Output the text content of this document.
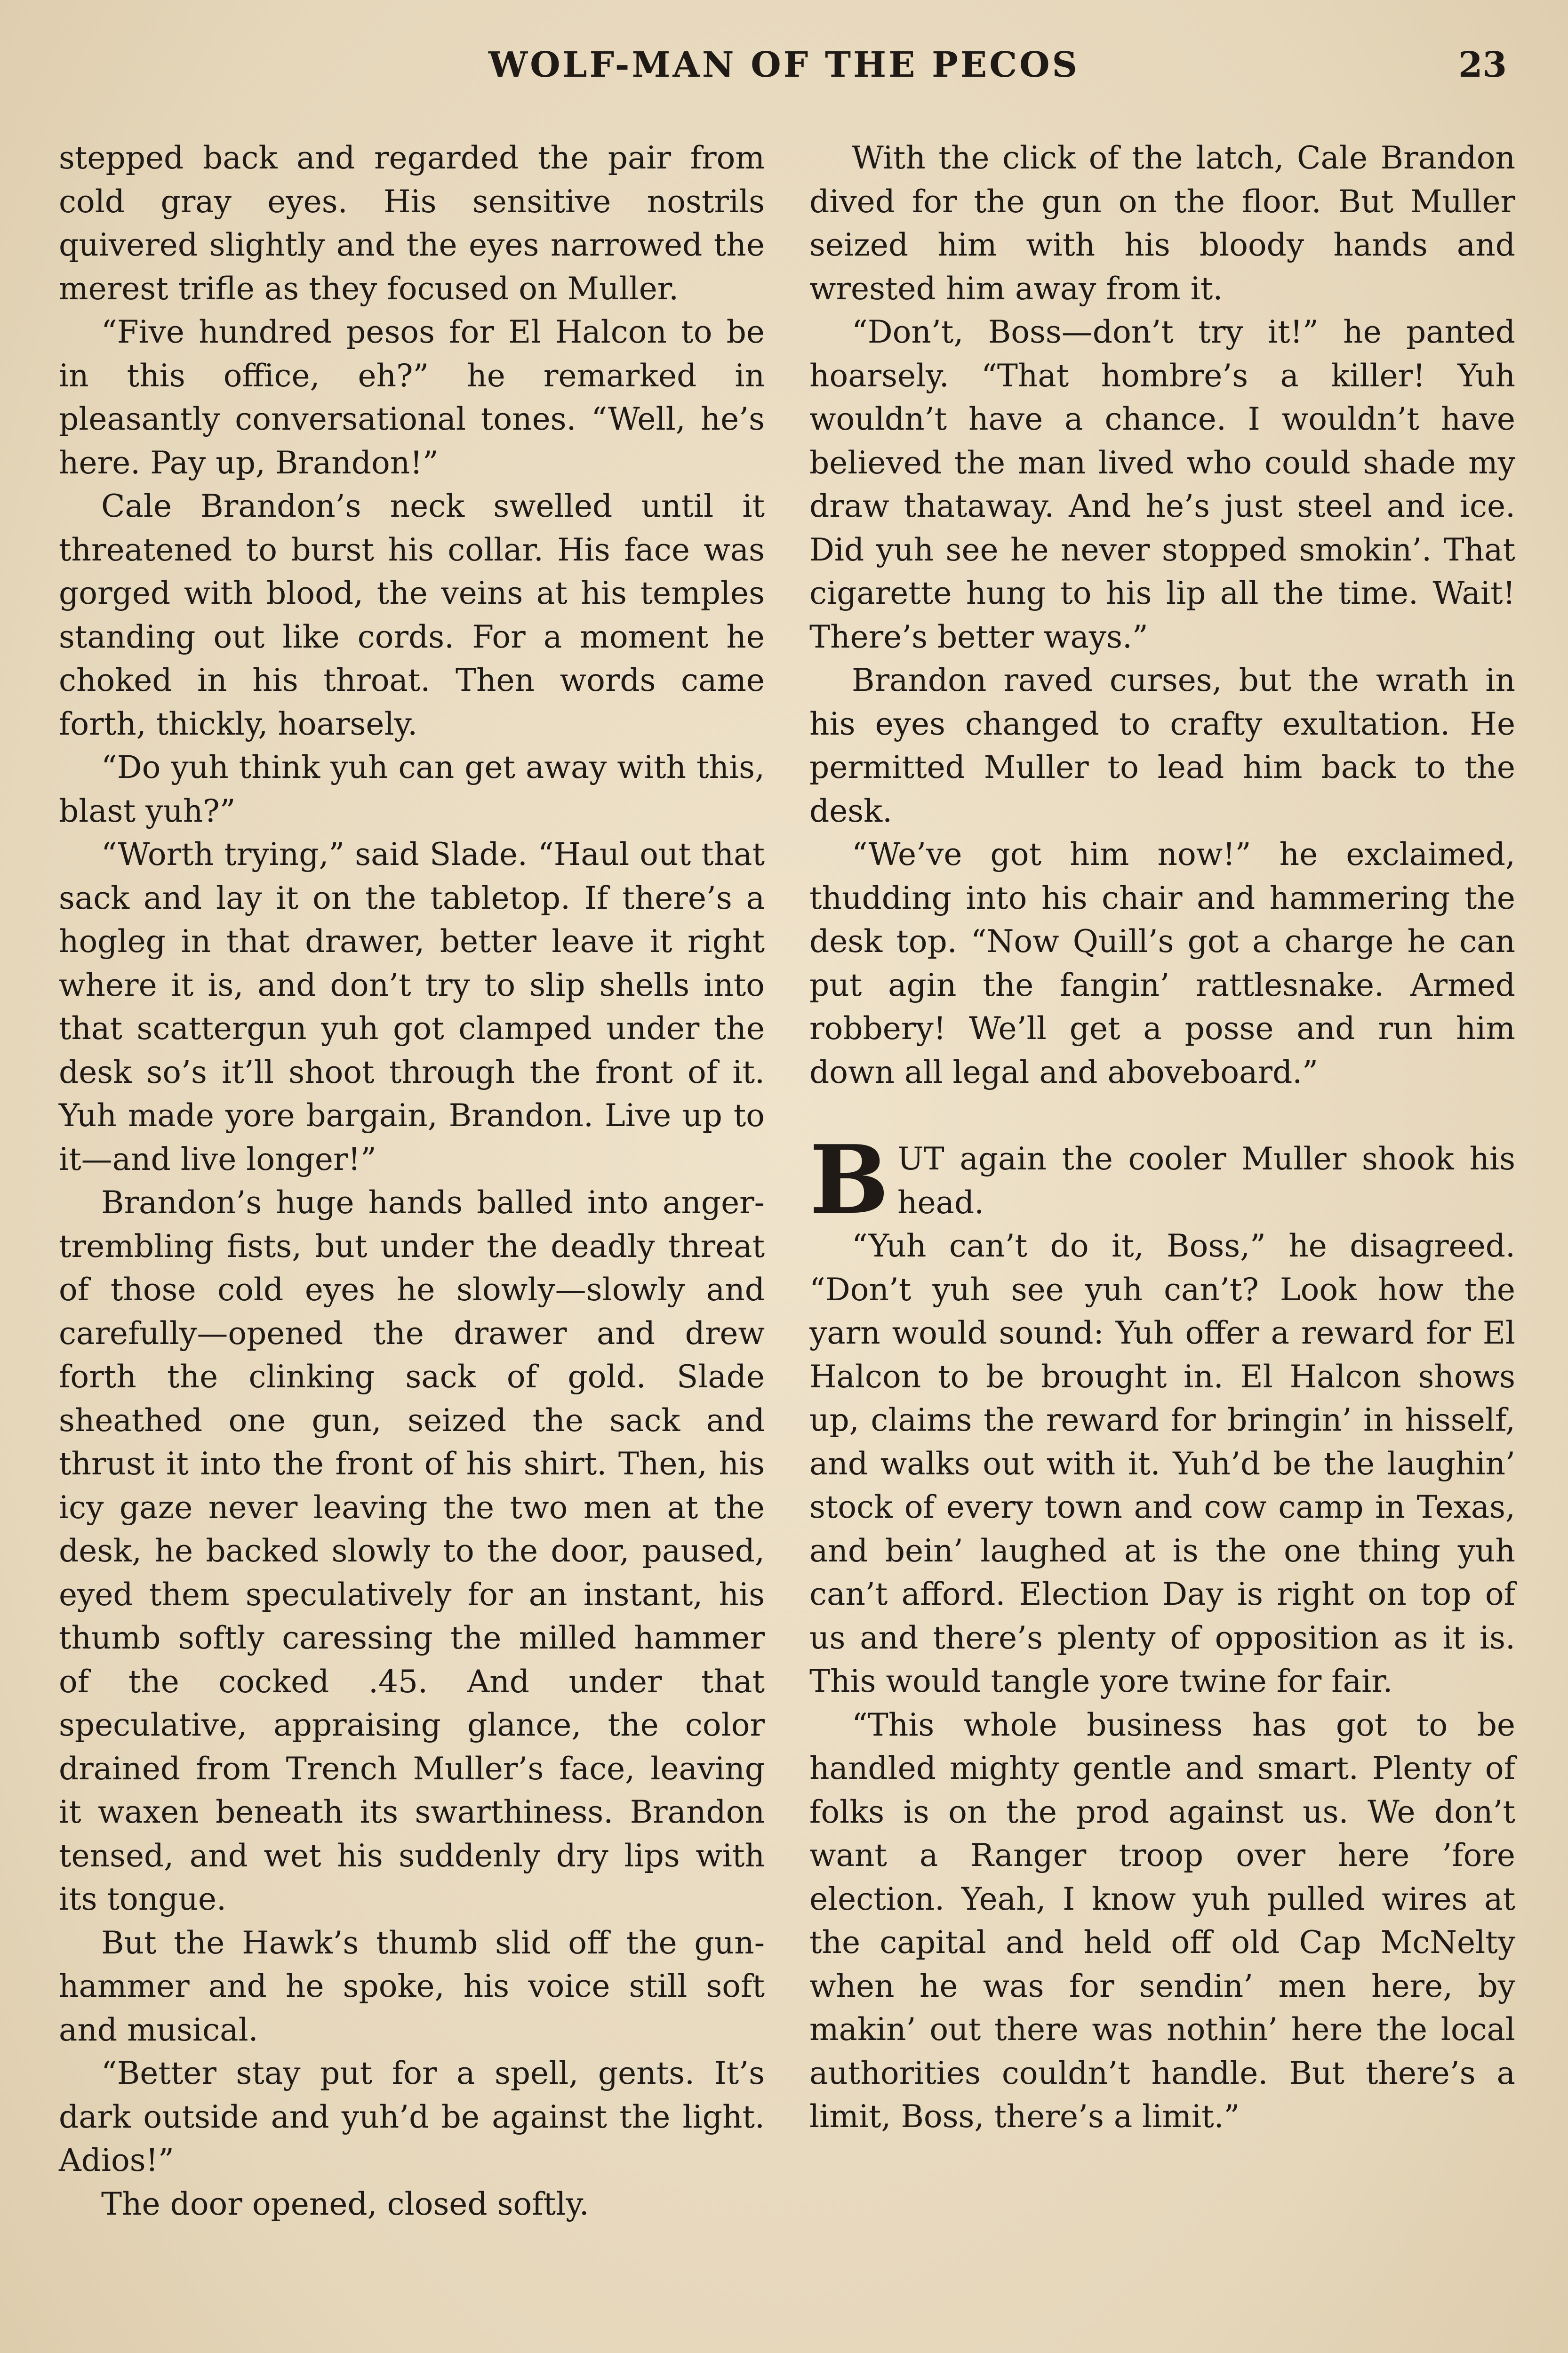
WOLF-MAN OF THE PECOS	23

stepped back and regarded the pair from cold gray eyes. His sensitive nostrils quivered slightly and the eyes narrowed the merest trifle as they focused on Muller.

“Five hundred pesos for El Halcon to be in this office, eh?” he remarked in pleasantly conversational tones. “Well, he’s here. Pay up, Brandon!”

Cale Brandon’s neck swelled until it threatened to burst his collar. His face was gorged with blood, the veins at his temples standing out like cords. For a moment he choked in his throat. Then words came forth, thickly, hoarsely.

“Do yuh think yuh can get away with this, blast yuh?”

“Worth trying,” said Slade. “Haul out that sack and lay it on the tabletop. If there’s a hogleg in that drawer, better leave it right where it is, and don’t try to slip shells into that scattergun yuh got clamped under the desk so’s it’ll shoot through the front of it. Yuh made yore bargain, Brandon. Live up to it—and live longer!”

Brandon’s huge hands balled into anger-trembling fists, but under the deadly threat of those cold eyes he slowly—slowly and carefully—opened the drawer and drew forth the clinking sack of gold. Slade sheathed one gun, seized the sack and thrust it into the front of his shirt. Then, his icy gaze never leaving the two men at the desk, he backed slowly to the door, paused, eyed them speculatively for an instant, his thumb softly caressing the milled hammer of the cocked .45. And under that speculative, appraising glance, the color drained from Trench Muller’s face, leaving it waxen beneath its swarthiness. Brandon tensed, and wet his suddenly dry lips with its tongue.

But the Hawk’s thumb slid off the gun-hammer and he spoke, his voice still soft and musical.

“Better stay put for a spell, gents. It’s dark outside and yuh’d be against the light. Adios!”

The door opened, closed softly.

With the click of the latch, Cale Brandon dived for the gun on the floor. But Muller seized him with his bloody hands and wrested him away from it.

“Don’t, Boss—don’t try it!” he panted hoarsely. “That hombre’s a killer! Yuh wouldn’t have a chance. I wouldn’t have believed the man lived who could shade my draw thataway. And he’s just steel and ice. Did yuh see he never stopped smokin’. That cigarette hung to his lip all the time. Wait! There’s better ways.”

Brandon raved curses, but the wrath in his eyes changed to crafty exultation. He permitted Muller to lead him back to the desk.

“We’ve got him now!” he exclaimed, thudding into his chair and hammering the desk top. “Now Quill’s got a charge he can put agin the fangin’ rattlesnake. Armed robbery! We’ll get a posse and run him down all legal and aboveboard.”

BUT again the cooler Muller shook his head.

“Yuh can’t do it, Boss,” he disagreed. “Don’t yuh see yuh can’t? Look how the yarn would sound: Yuh offer a reward for El Halcon to be brought in. El Halcon shows up, claims the reward for bringin’ in hisself, and walks out with it. Yuh’d be the laughin’ stock of every town and cow camp in Texas, and bein’ laughed at is the one thing yuh can’t afford. Election Day is right on top of us and there’s plenty of opposition as it is. This would tangle yore twine for fair.

“This whole business has got to be handled mighty gentle and smart. Plenty of folks is on the prod against us. We don’t want a Ranger troop over here ’fore election. Yeah, I know yuh pulled wires at the capital and held off old Cap McNelty when he was for sendin’ men here, by makin’ out there was nothin’ here the local authorities couldn’t handle. But there’s a limit, Boss, there’s a limit.”
